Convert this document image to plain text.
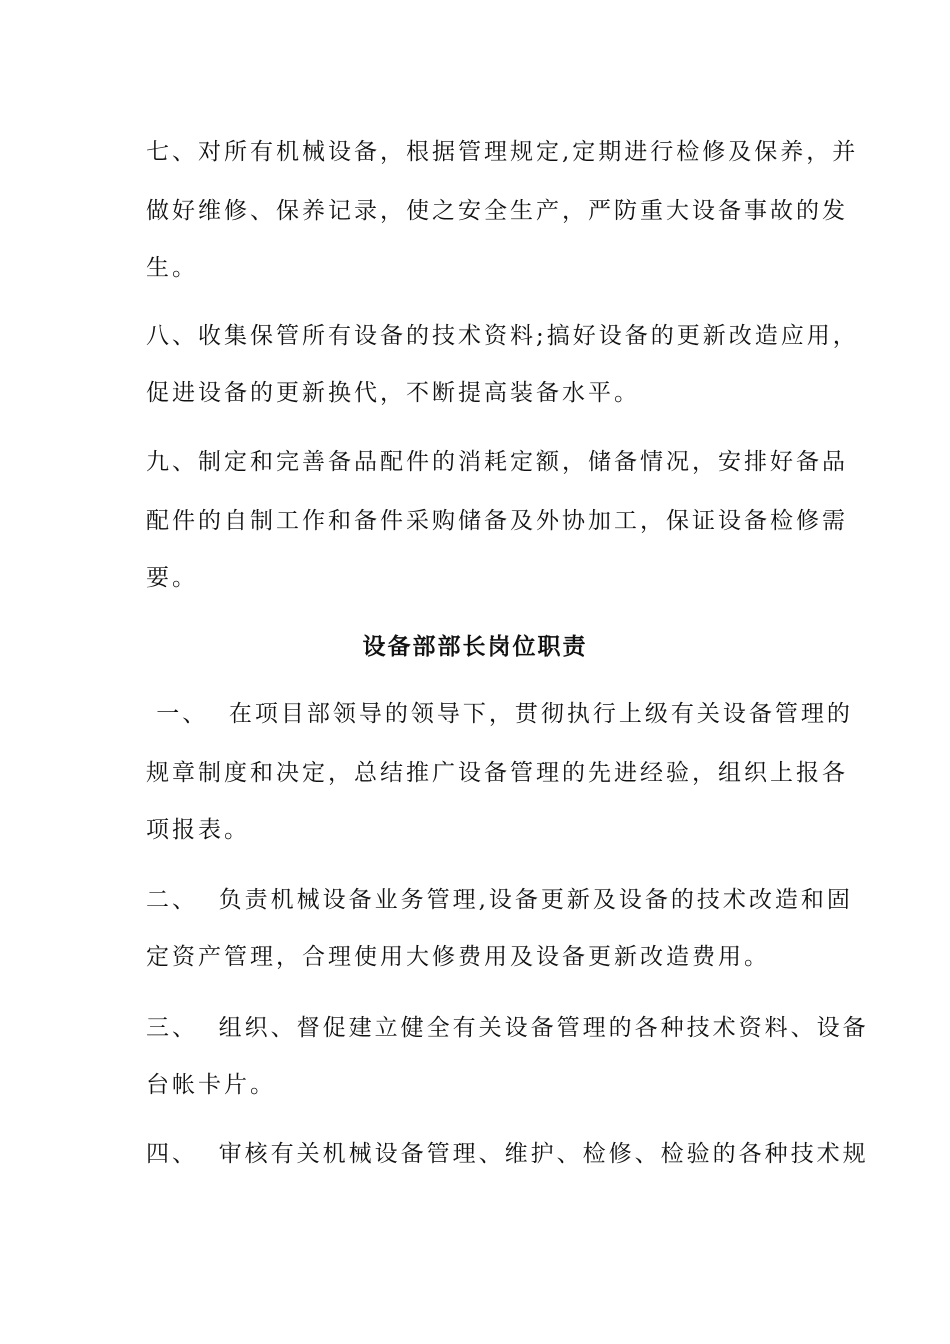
七、对所有机械设备，根据管理规定,定期进行检修及保养，并

做好维修、保养记录，使之安全生产，严防重大设备事故的发

生。

八、收集保管所有设备的技术资料;搞好设备的更新改造应用，

促进设备的更新换代，不断提高装备水平。

九、制定和完善备品配件的消耗定额，储备情况，安排好备品

配件的自制工作和备件采购储备及外协加工，保证设备检修需

要。

设备部部长岗位职责

一、  在项目部领导的领导下，贯彻执行上级有关设备管理的

规章制度和决定，总结推广设备管理的先进经验，组织上报各

项报表。

二、  负责机械设备业务管理,设备更新及设备的技术改造和固

定资产管理，合理使用大修费用及设备更新改造费用。

三、  组织、督促建立健全有关设备管理的各种技术资料、设备

台帐卡片。

四、  审核有关机械设备管理、维护、检修、检验的各种技术规
